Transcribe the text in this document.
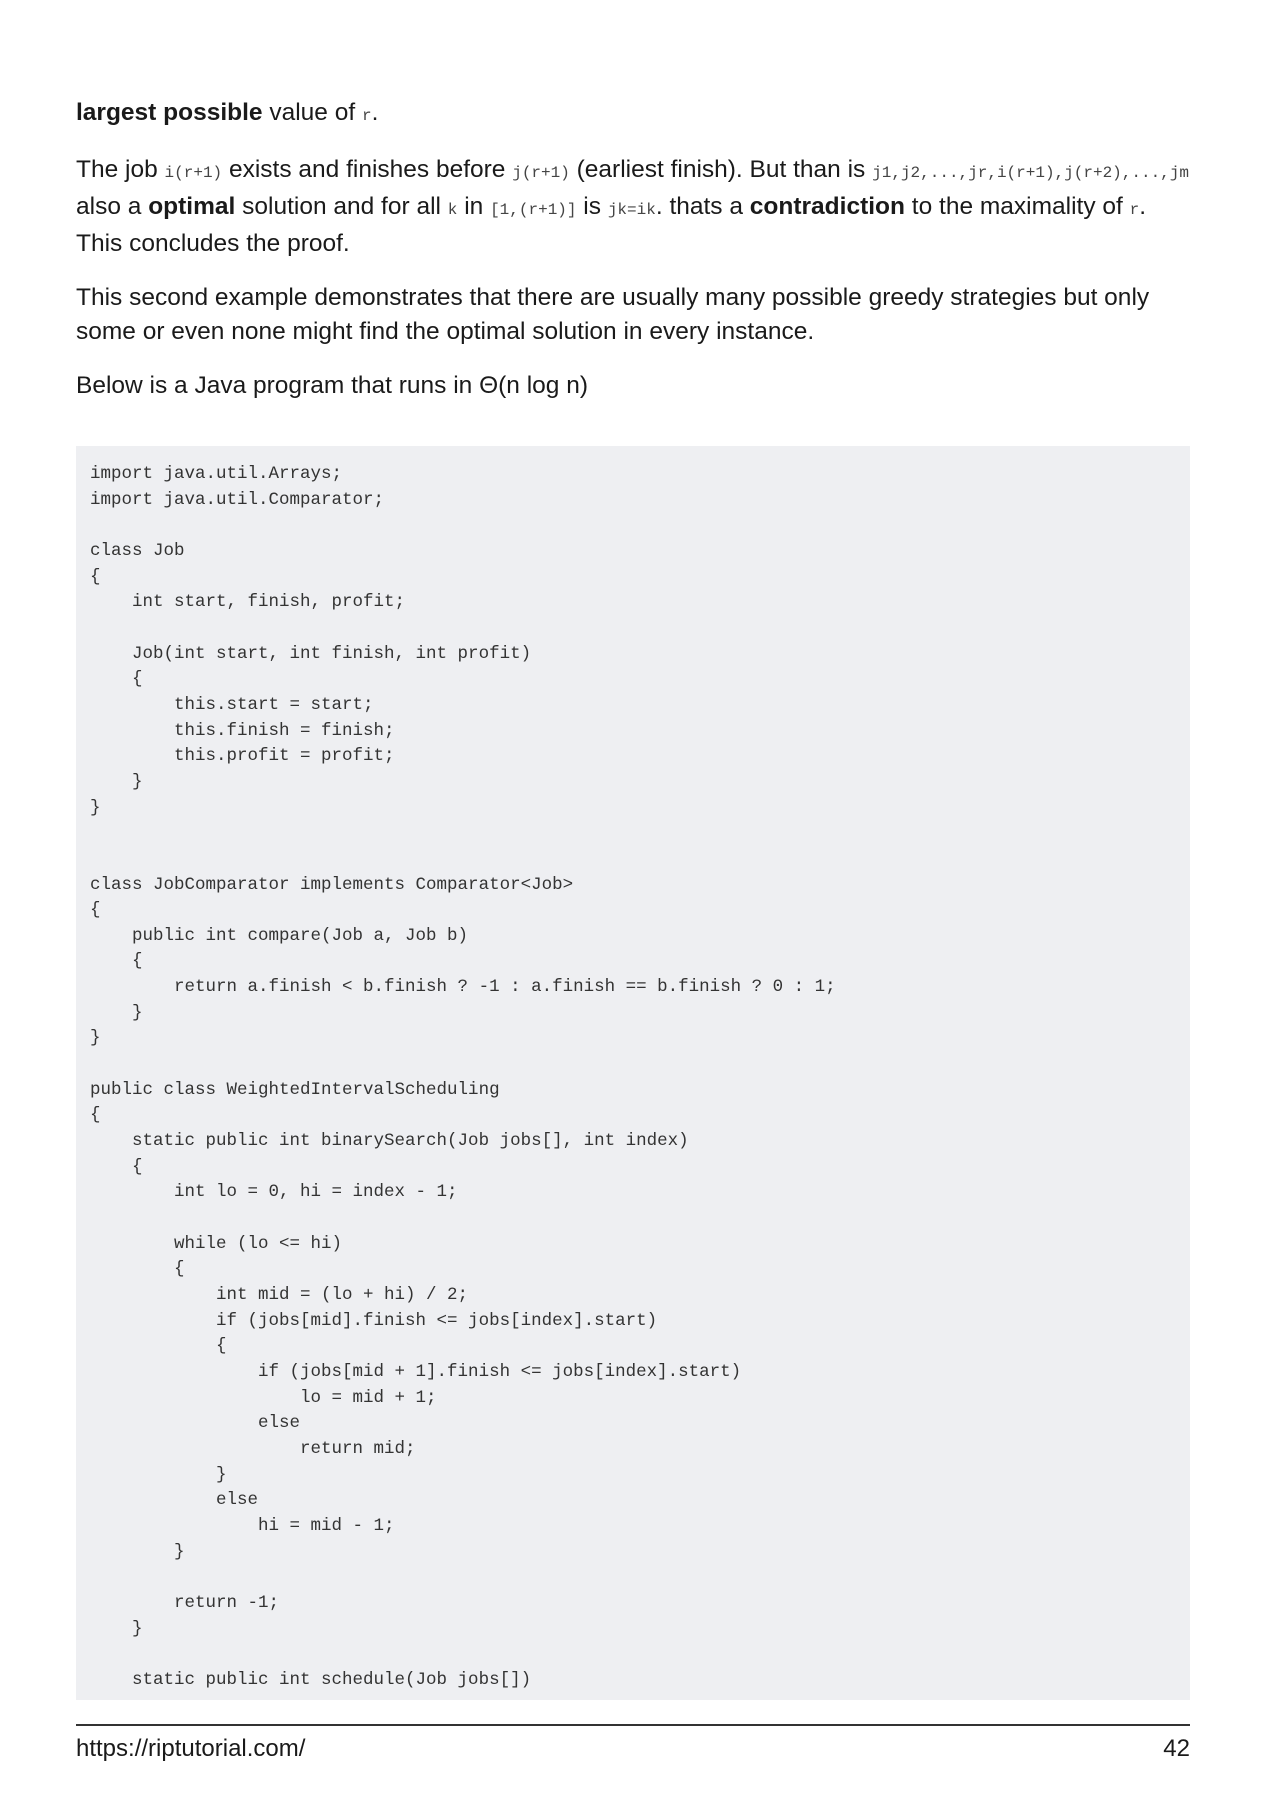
largest possible value of r.

The job i(r+1) exists and finishes before j(r+1) (earliest finish). But than is j1,j2,...,jr,i(r+1),j(r+2),...,jm also a optimal solution and for all k in [1,(r+1)] is jk=ik. thats a contradiction to the maximality of r. This concludes the proof.

This second example demonstrates that there are usually many possible greedy strategies but only some or even none might find the optimal solution in every instance.

Below is a Java program that runs in Θ(n log n)

import java.util.Arrays;
import java.util.Comparator;

class Job
{
int start, finish, profit;

Job(int start, int finish, int profit)
{
this.start = start;
this.finish = finish;
this.profit = profit;
}
}

class JobComparator implements Comparator<Job>
{
public int compare(Job a, Job b)
{
return a.finish < b.finish ? -1 : a.finish == b.finish ? 0 : 1;
}
}

public class WeightedIntervalScheduling
{
static public int binarySearch(Job jobs[], int index)
{
int lo = 0, hi = index - 1;

while (lo <= hi)
{
int mid = (lo + hi) / 2;
if (jobs[mid].finish <= jobs[index].start)
{
if (jobs[mid + 1].finish <= jobs[index].start)
lo = mid + 1;
else
return mid;
}
else
hi = mid - 1;
}

return -1;
}

static public int schedule(Job jobs[])
https://riptutorial.com/	42
